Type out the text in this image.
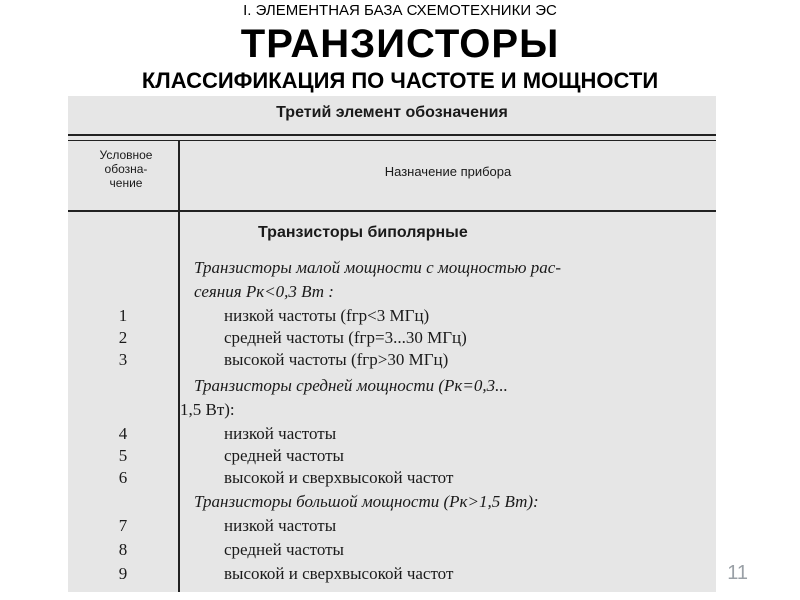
I. ЭЛЕМЕНТНАЯ БАЗА СХЕМОТЕХНИКИ ЭС
ТРАНЗИСТОРЫ
КЛАССИФИКАЦИЯ ПО ЧАСТОТЕ И МОЩНОСТИ
Третий элемент обозначения
Условное
обозна-
чение
Назначение прибора
Транзисторы биполярные
Транзисторы малой мощности с мощностью рас-
сеяния Pк<0,3 Вт :
1	низкой частоты (fгр<3 МГц)
2	средней частоты (fгр=3...30 МГц)
3	высокой частоты (fгр>30 МГц)
Транзисторы средней мощности (Pк=0,3...
1,5 Вт):
4	низкой частоты
5	средней частоты
6	высокой и сверхвысокой частот
Транзисторы большой мощности (Pк>1,5 Вт):
7	низкой частоты
8	средней частоты
9	высокой и сверхвысокой частот	11
